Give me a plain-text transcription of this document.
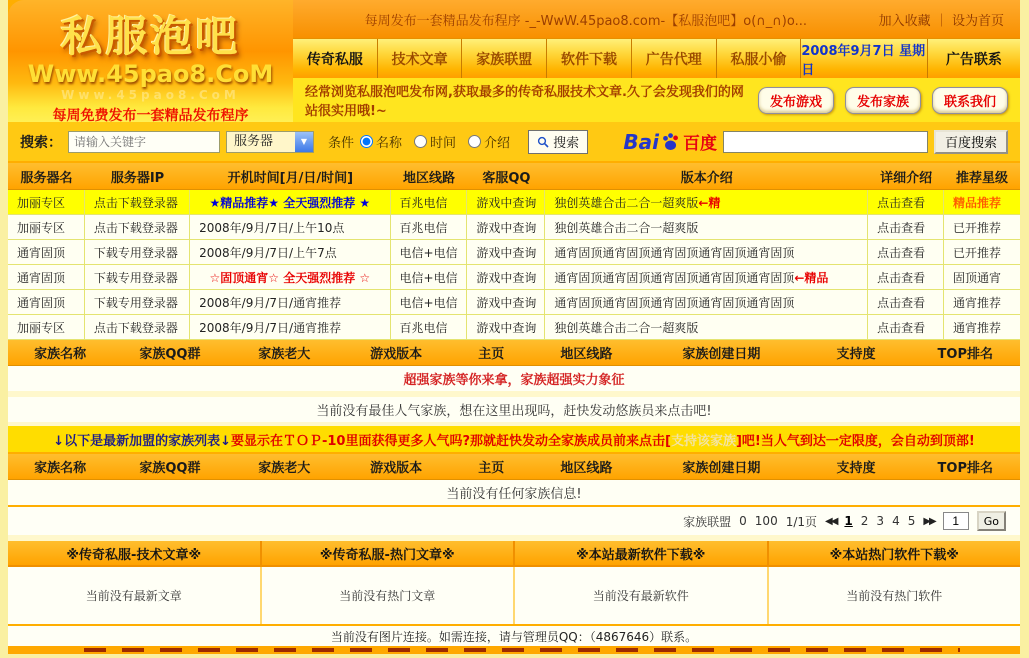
私服泡吧
Www.45pao8.CoM
Www.45pao8.CoM
每周免费发布一套精品发布程序
每周发布一套精品发布程序 -_-WwW.45pao8.com-【私服泡吧】o(∩_∩)o...	加入收藏 ｜ 设为首页
传奇私服	技术文章	家族联盟	软件下载	广告代理	私服小偷
2008年9月7日 星期日
广告联系
经常浏览私服泡吧发布网,获取最多的传奇私服技术文章.久了会发现我们的网站很实用哦!~
发布游戏	发布家族	联系我们
搜索：
请输入关键字	服务器	▼	条件 名称 时间 介绍	搜索 Bai 百度	百度搜索
服务器名	服务器IP	开机时间[月/日/时间]	地区线路	客服QQ	版本介绍	详细介绍	推荐星级
加丽专区	点击下载登录器	★精品推荐★ 全天强烈推荐 ★	百兆电信	游戏中查询	独创英雄合击二合一超爽版 ←精	点击查看	精品推荐
加丽专区	点击下载登录器	2008年/9月/7日/上午10点	百兆电信	游戏中查询	独创英雄合击二合一超爽版	点击查看	已开推荐
通宵固顶	下载专用登录器	2008年/9月/7日/上午7点	电信+电信	游戏中查询	通宵固顶通宵固顶通宵固顶通宵固顶通宵固顶	点击查看	已开推荐
通宵固顶	下载专用登录器	☆固顶通宵☆ 全天强烈推荐 ☆	电信+电信	游戏中查询	通宵固顶通宵固顶通宵固顶通宵固顶通宵固顶 ←精品	点击查看	固顶通宵
通宵固顶	下载专用登录器	2008年/9月/7日/通宵推荐	电信+电信	游戏中查询	通宵固顶通宵固顶通宵固顶通宵固顶通宵固顶	点击查看	通宵推荐
加丽专区	点击下载登录器	2008年/9月/7日/通宵推荐	百兆电信	游戏中查询	独创英雄合击二合一超爽版	点击查看	通宵推荐
家族名称	家族QQ群	家族老大	游戏版本	主页	地区线路	家族创建日期	支持度	TOP排名
超强家族等你来拿，家族超强实力象征
当前没有最佳人气家族，想在这里出现吗，赶快发动悠族员来点击吧!
↓以下是最新加盟的家族列表↓ 要显示在ＴＯＰ-10里面获得更多人气吗?那就赶快发动全家族成员前来点击[ 支持该家族 ]吧!当人气到达一定限度，会自动到顶部!
家族名称	家族QQ群	家族老大	游戏版本	主页	地区线路	家族创建日期	支持度	TOP排名
当前没有任何家族信息!
家族联盟 0 100 1/1页 ◀◀ 1 2 3 4 5 ▶▶
1	Go
※传奇私服-技术文章※	※传奇私服-热门文章※	※本站最新软件下载※	※本站热门软件下载※
当前没有最新文章	当前没有热门文章	当前没有最新软件	当前没有热门软件
当前没有图片连接。如需连接，请与管理员QQ：（4867646）联系。
